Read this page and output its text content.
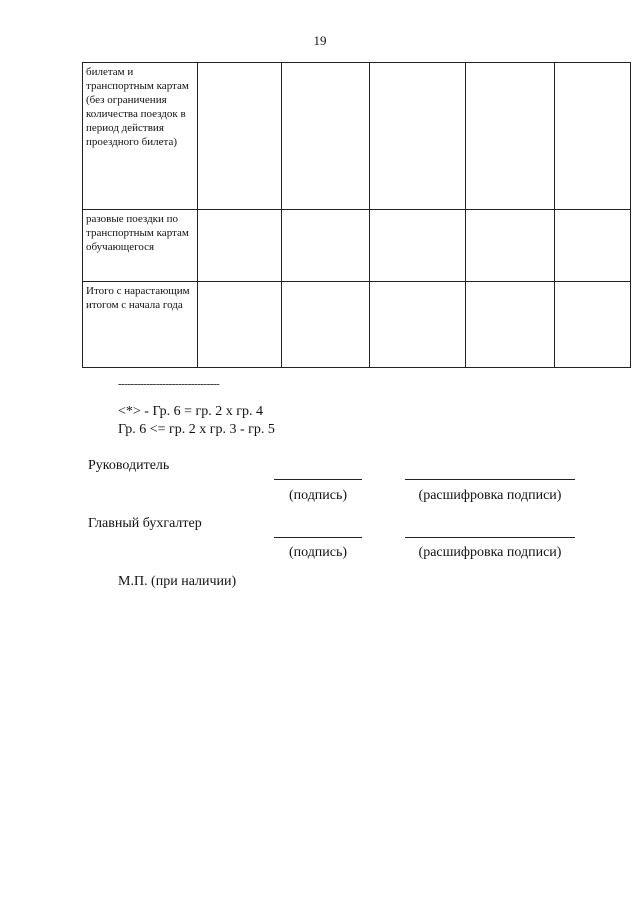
19
билетам и транспортным картам (без ограничения количества поездок в период действия проездного билета)					
разовые поездки по транспортным картам обучающегося					
Итого с нарастающим итогом с начала года					
--------------------------------
<*> - Гр. 6 = гр. 2 x гр. 4
Гр. 6 <= гр. 2 x гр. 3 - гр. 5
Руководитель
(подпись)	(расшифровка подписи)
Главный бухгалтер
(подпись)	(расшифровка подписи)
М.П. (при наличии)
